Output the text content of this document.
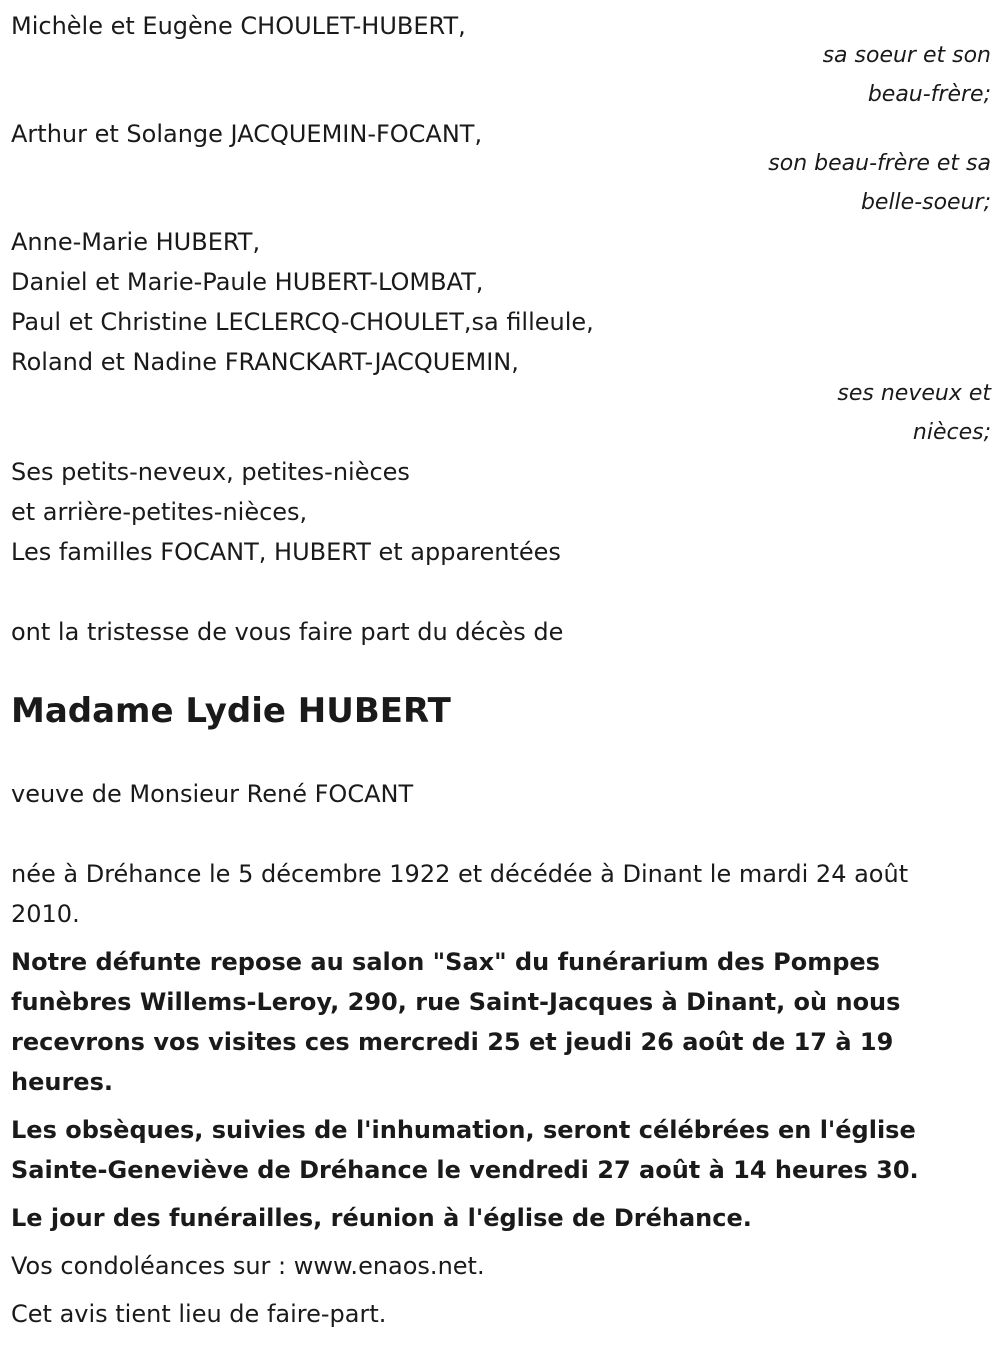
Michèle et Eugène CHOULET-HUBERT,
sa soeur et son
beau-frère;
Arthur et Solange JACQUEMIN-FOCANT,
son beau-frère et sa
belle-soeur;
Anne-Marie HUBERT,
Daniel et Marie-Paule HUBERT-LOMBAT,
Paul et Christine LECLERCQ-CHOULET,sa filleule,
Roland et Nadine FRANCKART-JACQUEMIN,
ses neveux et
nièces;
Ses petits-neveux, petites-nièces
et arrière-petites-nièces,
Les familles FOCANT, HUBERT et apparentées
ont la tristesse de vous faire part du décès de
Madame Lydie HUBERT
veuve de Monsieur René FOCANT
née à Dréhance le 5 décembre 1922 et décédée à Dinant le mardi 24 août 2010.
Notre défunte repose au salon "Sax" du funérarium des Pompes funèbres Willems-Leroy, 290, rue Saint-Jacques à Dinant, où nous recevrons vos visites ces mercredi 25 et jeudi 26 août de 17 à 19 heures.
Les obsèques, suivies de l'inhumation, seront célébrées en l'église Sainte-Geneviève de Dréhance le vendredi 27 août à 14 heures 30.
Le jour des funérailles, réunion à l'église de Dréhance.
Vos condoléances sur : www.enaos.net.
Cet avis tient lieu de faire-part.
